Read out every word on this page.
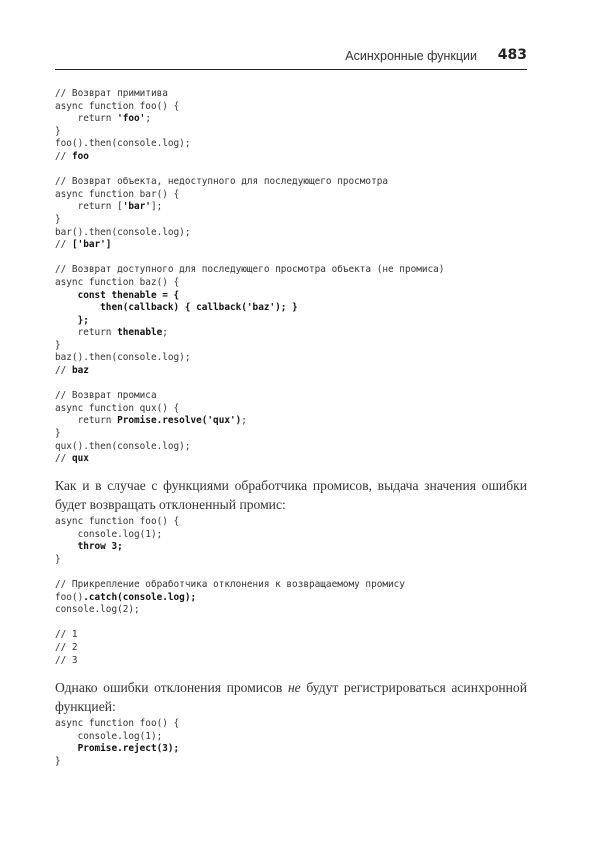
Асинхронные функции 483
// Возврат примитива
async function foo() {
return 'foo';
}
foo().then(console.log);
// foo
// Возврат объекта, недоступного для последующего просмотра
async function bar() {
return ['bar'];
}
bar().then(console.log);
// ['bar']
// Возврат доступного для последующего просмотра объекта (не промиса)
async function baz() {
const thenable = {
then(callback) { callback('baz'); }
};
return thenable;
}
baz().then(console.log);
// baz
// Возврат промиса
async function qux() {
return Promise.resolve('qux');
}
qux().then(console.log);
// qux

Как и в случае с функциями обработчика промисов, выдача значения ошибки будет возвращать отклоненный промис:

async function foo() {
console.log(1);
throw 3;
}
// Прикрепление обработчика отклонения к возвращаемому промису
foo().catch(console.log);
console.log(2);
// 1
// 2
// 3

Однако ошибки отклонения промисов не будут регистрироваться асинхронной функцией:

async function foo() {
console.log(1);
Promise.reject(3);
}
